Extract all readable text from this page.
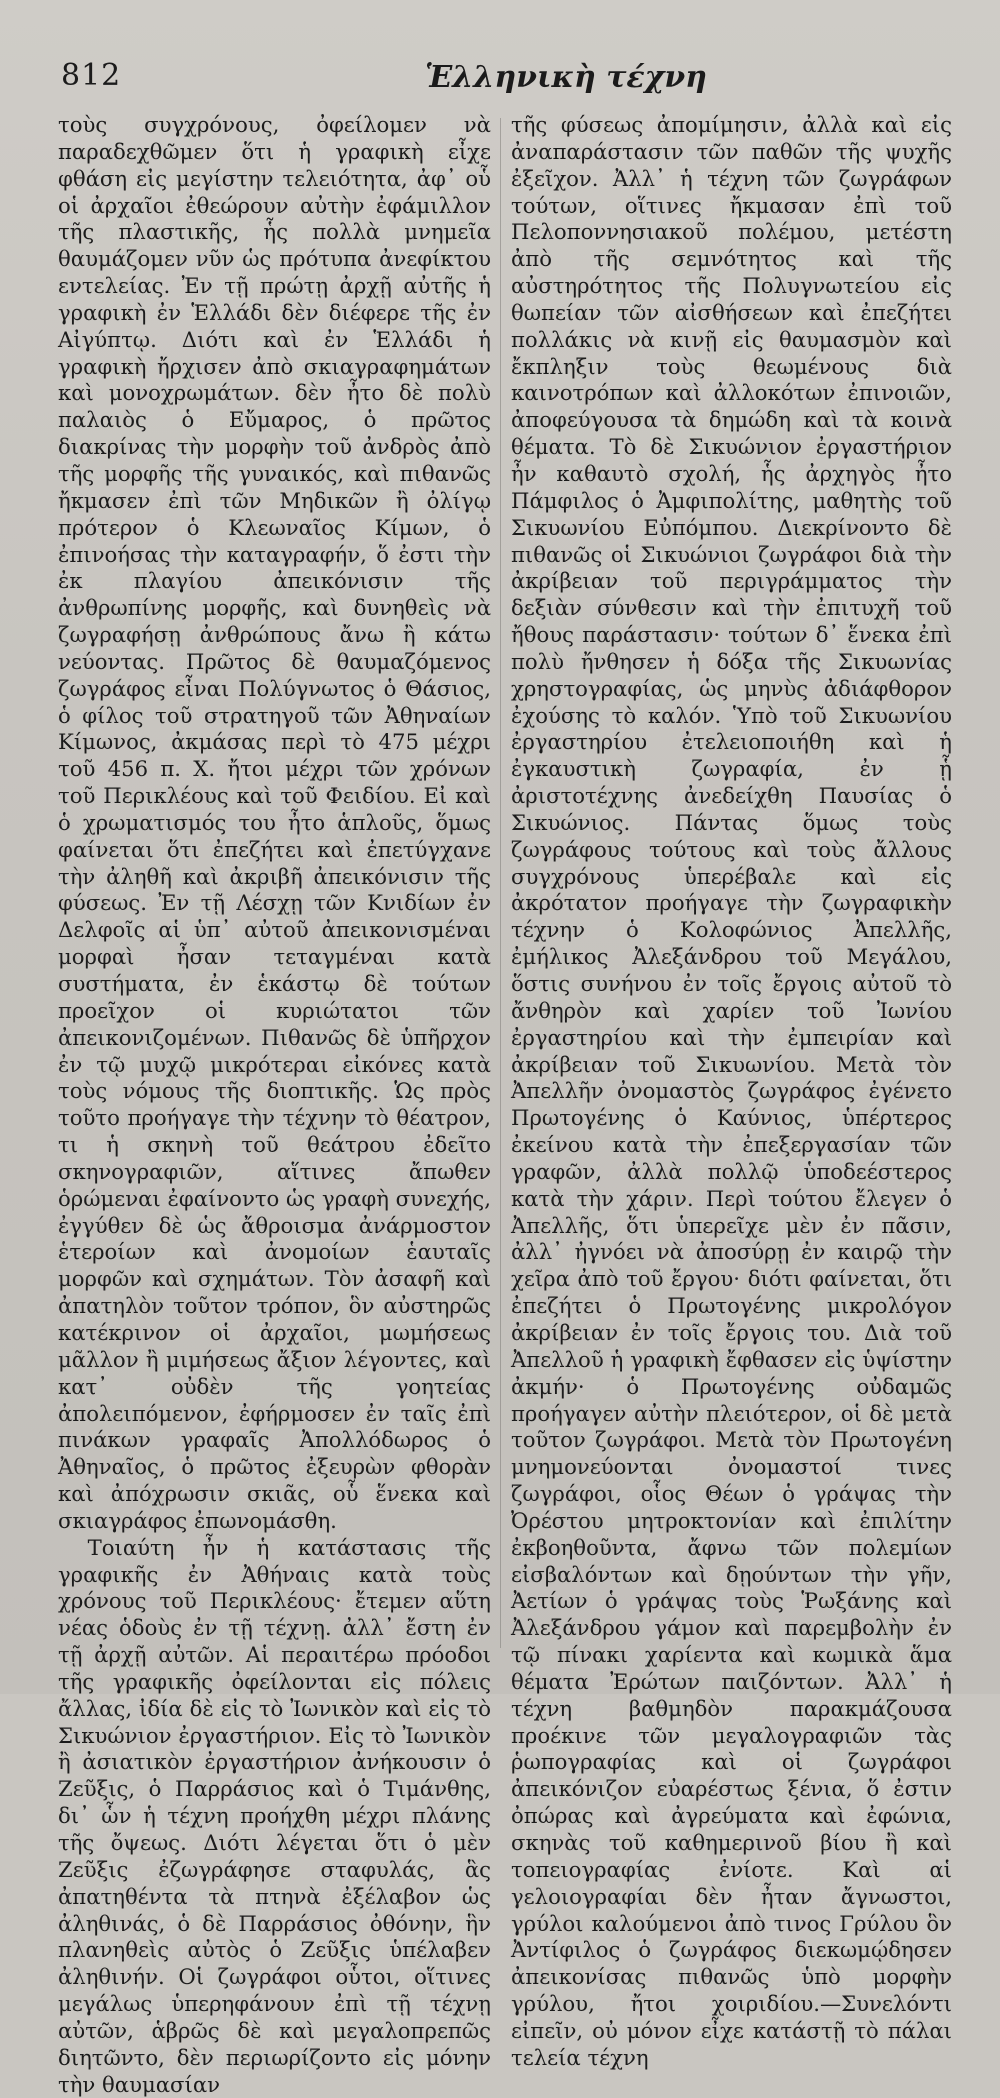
812	Ἑλληνικὴ τέχνη

τοὺς συγχρόνους, ὀφείλομεν νὰ παραδεχθῶμεν ὅτι ἡ γραφικὴ εἶχε φθάση εἰς μεγίστην τελειότητα, ἀφ᾿ οὗ οἱ ἀρχαῖοι ἐθεώρουν αὐτὴν ἐφάμιλλον τῆς πλαστικῆς, ἧς πολλὰ μνημεῖα θαυμάζομεν νῦν ὡς πρότυπα ἀνεφίκτου εντελείας. Ἐν τῇ πρώτῃ ἀρχῇ αὐτῆς ἡ γραφικὴ ἐν Ἑλλάδι δὲν διέφερε τῆς ἐν Αἰγύπτῳ. Διότι καὶ ἐν Ἑλλάδι ἡ γραφικὴ ἤρχισεν ἀπὸ σκιαγραφημάτων καὶ μονοχρωμάτων. δὲν ἦτο δὲ πολὺ παλαιὸς ὁ Εὔμαρος, ὁ πρῶτος διακρίνας τὴν μορφὴν τοῦ ἀνδρὸς ἀπὸ τῆς μορφῆς τῆς γυναικός, καὶ πιθανῶς ἤκμασεν ἐπὶ τῶν Μηδικῶν ἢ ὀλίγῳ πρότερον ὁ Κλεωναῖος Κίμων, ὁ ἐπινοήσας τὴν καταγραφήν, ὅ ἐστι τὴν ἐκ πλαγίου ἀπεικόνισιν τῆς ἀνθρωπίνης μορφῆς, καὶ δυνηθεὶς νὰ ζωγραφήσῃ ἀνθρώπους ἄνω ἢ κάτω νεύοντας. Πρῶτος δὲ θαυμαζόμενος ζωγράφος εἶναι Πολύγνωτος ὁ Θάσιος, ὁ φίλος τοῦ στρατηγοῦ τῶν Ἀθηναίων Κίμωνος, ἀκμάσας περὶ τὸ 475 μέχρι τοῦ 456 π. Χ. ἤτοι μέχρι τῶν χρόνων τοῦ Περικλέους καὶ τοῦ Φειδίου. Εἰ καὶ ὁ χρωματισμός του ἦτο ἁπλοῦς, ὅμως φαίνεται ὅτι ἐπεζήτει καὶ ἐπετύγχανε τὴν ἀληθῆ καὶ ἀκριβῆ ἀπεικόνισιν τῆς φύσεως. Ἐν τῇ Λέσχῃ τῶν Κνιδίων ἐν Δελφοῖς αἱ ὑπ᾿ αὐτοῦ ἀπεικονισμέναι μορφαὶ ἦσαν τεταγμέναι κατὰ συστήματα, ἐν ἑκάστῳ δὲ τούτων προεῖχον οἱ κυριώτατοι τῶν ἀπεικονιζομένων. Πιθανῶς δὲ ὑπῆρχον ἐν τῷ μυχῷ μικρότεραι εἰκόνες κατὰ τοὺς νόμους τῆς διοπτικῆς. Ὡς πρὸς τοῦτο προήγαγε τὴν τέχνην τὸ θέατρον, τι ἡ σκηνὴ τοῦ θεάτρου ἐδεῖτο σκηνογραφιῶν, αἵτινες ἄπωθεν ὁρώμεναι ἐφαίνοντο ὡς γραφὴ συνεχής, ἐγγύθεν δὲ ὡς ἄθροισμα ἀνάρμοστον ἑτεροίων καὶ ἀνομοίων ἑαυταῖς μορφῶν καὶ σχημάτων. Τὸν ἀσαφῆ καὶ ἀπατηλὸν τοῦτον τρόπον, ὃν αὐστηρῶς κατέκρινον οἱ ἀρχαῖοι, μωμήσεως μᾶλλον ἢ μιμήσεως ἄξιον λέγοντες, καὶ κατ᾿ οὐδὲν τῆς γοητείας ἀπολειπόμενον, ἐφήρμοσεν ἐν ταῖς ἐπὶ πινάκων γραφαῖς Ἀπολλόδωρος ὁ Ἀθηναῖος, ὁ πρῶτος ἐξευρὼν φθορὰν καὶ ἀπόχρωσιν σκιᾶς, οὗ ἕνεκα καὶ σκιαγράφος ἐπωνομάσθη.

Τοιαύτη ἦν ἡ κατάστασις τῆς γραφικῆς ἐν Ἀθήναις κατὰ τοὺς χρόνους τοῦ Περικλέους· ἔτεμεν αὕτη νέας ὁδοὺς ἐν τῇ τέχνῃ. ἀλλ᾿ ἔστη ἐν τῇ ἀρχῇ αὐτῶν. Αἱ περαιτέρω πρόοδοι τῆς γραφικῆς ὀφείλονται εἰς πόλεις ἄλλας, ἰδία δὲ εἰς τὸ Ἰωνικὸν καὶ εἰς τὸ Σικυώνιον ἐργαστήριον. Εἰς τὸ Ἰωνικὸν ἢ ἀσιατικὸν ἐργαστήριον ἀνήκουσιν ὁ Ζεῦξις, ὁ Παρράσιος καὶ ὁ Τιμάνθης, δι᾿ ὧν ἡ τέχνη προήχθη μέχρι πλάνης τῆς ὄψεως. Διότι λέγεται ὅτι ὁ μὲν Ζεῦξις ἐζωγράφησε σταφυλάς, ἃς ἀπατηθέντα τὰ πτηνὰ ἐξέλαβον ὡς ἀληθινάς, ὁ δὲ Παρράσιος ὀθόνην, ἣν πλανηθεὶς αὐτὸς ὁ Ζεῦξις ὑπέλαβεν ἀληθινήν. Οἱ ζωγράφοι οὗτοι, οἵτινες μεγάλως ὑπερηφάνουν ἐπὶ τῇ τέχνῃ αὐτῶν, ἁβρῶς δὲ καὶ μεγαλοπρεπῶς διητῶντο, δὲν περιωρίζοντο εἰς μόνην τὴν θαυμασίαν

τῆς φύσεως ἀπομίμησιν, ἀλλὰ καὶ εἰς ἀναπαράστασιν τῶν παθῶν τῆς ψυχῆς ἐξεῖχον. Ἀλλ᾿ ἡ τέχνη τῶν ζωγράφων τούτων, οἵτινες ἤκμασαν ἐπὶ τοῦ Πελοποννησιακοῦ πολέμου, μετέστη ἀπὸ τῆς σεμνότητος καὶ τῆς αὐστηρότητος τῆς Πολυγνωτείου εἰς θωπείαν τῶν αἰσθήσεων καὶ ἐπεζήτει πολλάκις νὰ κινῇ εἰς θαυμασμὸν καὶ ἔκπληξιν τοὺς θεωμένους διὰ καινοτρόπων καὶ ἀλλοκότων ἐπινοιῶν, ἀποφεύγουσα τὰ δημώδη καὶ τὰ κοινὰ θέματα. Τὸ δὲ Σικυώνιον ἐργαστήριον ἦν καθαυτὸ σχολή, ἧς ἀρχηγὸς ἦτο Πάμφιλος ὁ Ἀμφιπολίτης, μαθητὴς τοῦ Σικυωνίου Εὐπόμπου. Διεκρίνοντο δὲ πιθανῶς οἱ Σικυώνιοι ζωγράφοι διὰ τὴν ἀκρίβειαν τοῦ περιγράμματος τὴν δεξιὰν σύνθεσιν καὶ τὴν ἐπιτυχῆ τοῦ ἤθους παράστασιν· τούτων δ᾿ ἕνεκα ἐπὶ πολὺ ἤνθησεν ἡ δόξα τῆς Σικυωνίας χρηστογραφίας, ὡς μηνὺς ἀδιάφθορον ἐχούσης τὸ καλόν. Ὑπὸ τοῦ Σικυωνίου ἐργαστηρίου ἐτελειοποιήθη καὶ ἡ ἐγκαυστικὴ ζωγραφία, ἐν ᾗ ἀριστοτέχνης ἀνεδείχθη Παυσίας ὁ Σικυώνιος. Πάντας ὅμως τοὺς ζωγράφους τούτους καὶ τοὺς ἄλλους συγχρόνους ὑπερέβαλε καὶ εἰς ἀκρότατον προήγαγε τὴν ζωγραφικὴν τέχνην ὁ Κολοφώνιος Ἀπελλῆς, ἐμήλικος Ἀλεξάνδρου τοῦ Μεγάλου, ὅστις συνήνου ἐν τοῖς ἔργοις αὐτοῦ τὸ ἄνθηρὸν καὶ χαρίεν τοῦ Ἰωνίου ἐργαστηρίου καὶ τὴν ἐμπειρίαν καὶ ἀκρίβειαν τοῦ Σικυωνίου. Μετὰ τὸν Ἀπελλῆν ὀνομαστὸς ζωγράφος ἐγένετο Πρωτογένης ὁ Καύνιος, ὑπέρτερος ἐκείνου κατὰ τὴν ἐπεξεργασίαν τῶν γραφῶν, ἀλλὰ πολλῷ ὑποδεέστερος κατὰ τὴν χάριν. Περὶ τούτου ἔλεγεν ὁ Ἀπελλῆς, ὅτι ὑπερεῖχε μὲν ἐν πᾶσιν, ἀλλ᾿ ἠγνόει νὰ ἀποσύρῃ ἐν καιρῷ τὴν χεῖρα ἀπὸ τοῦ ἔργου· διότι φαίνεται, ὅτι ἐπεζήτει ὁ Πρωτογένης μικρολόγον ἀκρίβειαν ἐν τοῖς ἔργοις του. Διὰ τοῦ Ἀπελλοῦ ἡ γραφικὴ ἔφθασεν εἰς ὑψίστην ἀκμήν· ὁ Πρωτογένης οὐδαμῶς προήγαγεν αὐτὴν πλειότερον, οἱ δὲ μετὰ τοῦτον ζωγράφοι. Μετὰ τὸν Πρωτογένη μνημονεύονται ὀνομαστοί τινες ζωγράφοι, οἷος Θέων ὁ γράψας τὴν Ὀρέστου μητροκτονίαν καὶ ἐπιλίτην ἐκβοηθοῦντα, ἄφνω τῶν πολεμίων εἰσβαλόντων καὶ δῃούντων τὴν γῆν, Ἀετίων ὁ γράψας τοὺς Ῥωξάνης καὶ Ἀλεξάνδρου γάμον καὶ παρεμβολὴν ἐν τῷ πίνακι χαρίεντα καὶ κωμικὰ ἅμα θέματα Ἐρώτων παιζόντων. Ἀλλ᾿ ἡ τέχνη βαθμηδὸν παρακμάζουσα προέκινε τῶν μεγαλογραφιῶν τὰς ῥωπογραφίας καὶ οἱ ζωγράφοι ἀπεικόνιζον εὐαρέστως ξένια, ὅ ἐστιν ὀπώρας καὶ ἀγρεύματα καὶ ἐφώνια, σκηνὰς τοῦ καθημερινοῦ βίου ἢ καὶ τοπειογραφίας ἐνίοτε. Καὶ αἱ γελοιογραφίαι δὲν ἦταν ἄγνωστοι, γρύλοι καλούμενοι ἀπὸ τινος Γρύλου ὃν Ἀντίφιλος ὁ ζωγράφος διεκωμῴδησεν ἀπεικονίσας πιθανῶς ὑπὸ μορφὴν γρύλου, ἤτοι χοιριδίου.—Συνελόντι εἰπεῖν, οὐ μόνον εἶχε κατάστῇ τὸ πάλαι τελεία τέχνη
